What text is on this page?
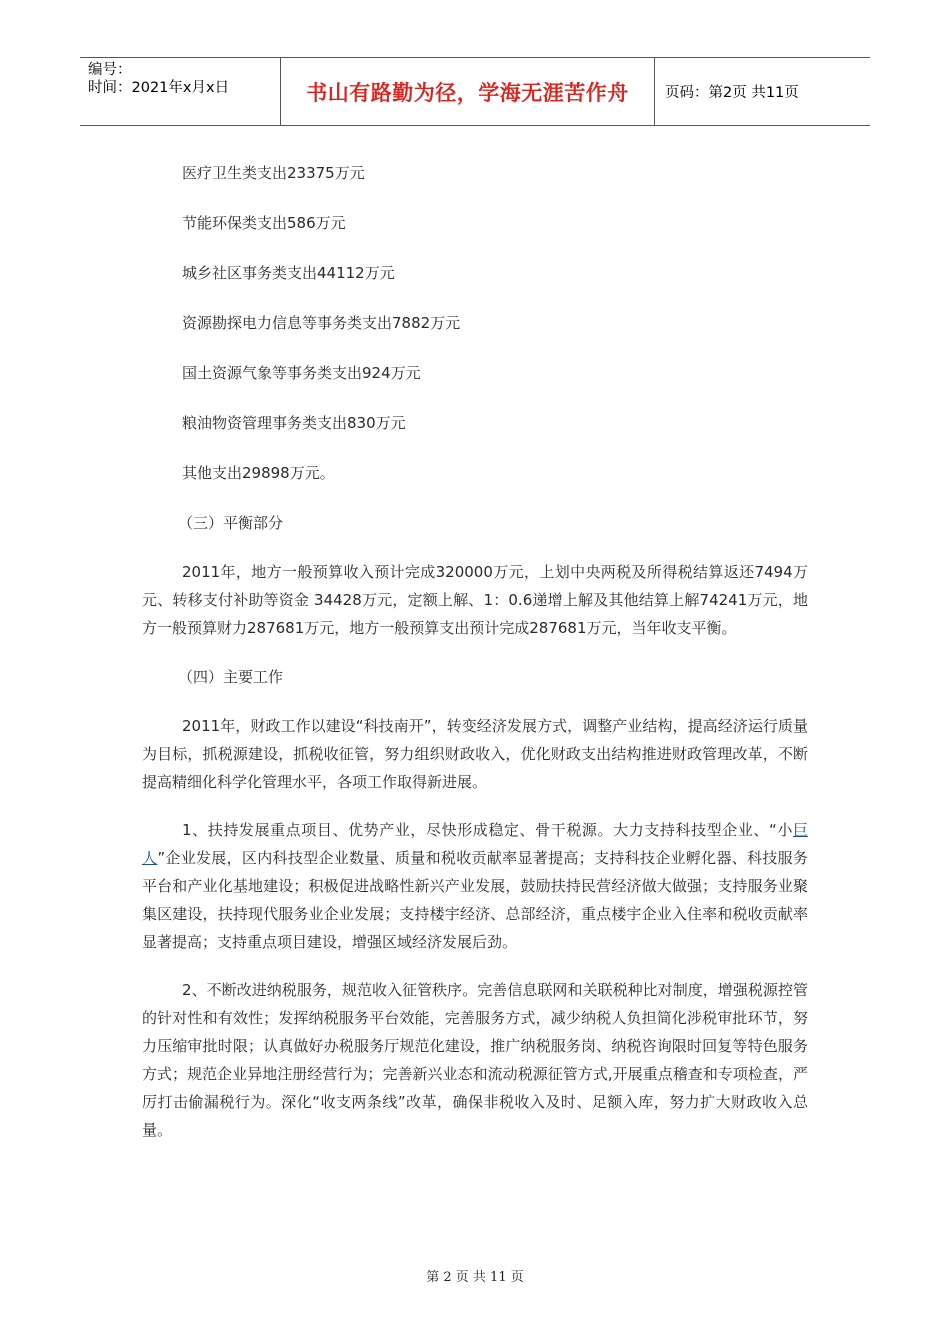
编号：
时间：2021年x月x日	书山有路勤为径，学海无涯苦作舟	页码：第2页 共11页
医疗卫生类支出23375万元
节能环保类支出586万元
城乡社区事务类支出44112万元
资源勘探电力信息等事务类支出7882万元
国土资源气象等事务类支出924万元
粮油物资管理事务类支出830万元
其他支出29898万元。
（三）平衡部分

2011年，地方一般预算收入预计完成320000万元，上划中央两税及所得税结算返还7494万元、转移支付补助等资金 34428万元，定额上解、1：0.6递增上解及其他结算上解74241万元，地方一般预算财力287681万元，地方一般预算支出预计完成287681万元，当年收支平衡。

（四）主要工作

2011年，财政工作以建设“科技南开”，转变经济发展方式，调整产业结构，提高经济运行质量为目标，抓税源建设，抓税收征管，努力组织财政收入，优化财政支出结构推进财政管理改革，不断提高精细化科学化管理水平，各项工作取得新进展。

1、扶持发展重点项目、优势产业，尽快形成稳定、骨干税源。大力支持科技型企业、“小巨人”企业发展，区内科技型企业数量、质量和税收贡献率显著提高；支持科技企业孵化器、科技服务平台和产业化基地建设；积极促进战略性新兴产业发展，鼓励扶持民营经济做大做强；支持服务业聚集区建设，扶持现代服务业企业发展；支持楼宇经济、总部经济，重点楼宇企业入住率和税收贡献率显著提高；支持重点项目建设，增强区域经济发展后劲。

2、不断改进纳税服务，规范收入征管秩序。完善信息联网和关联税种比对制度，增强税源控管的针对性和有效性；发挥纳税服务平台效能，完善服务方式，减少纳税人负担简化涉税审批环节，努力压缩审批时限；认真做好办税服务厅规范化建设，推广纳税服务岗、纳税咨询限时回复等特色服务方式；规范企业异地注册经营行为；完善新兴业态和流动税源征管方式,开展重点稽查和专项检查，严厉打击偷漏税行为。深化“收支两条线”改革，确保非税收入及时、足额入库，努力扩大财政收入总量。

第 2 页 共 11 页
